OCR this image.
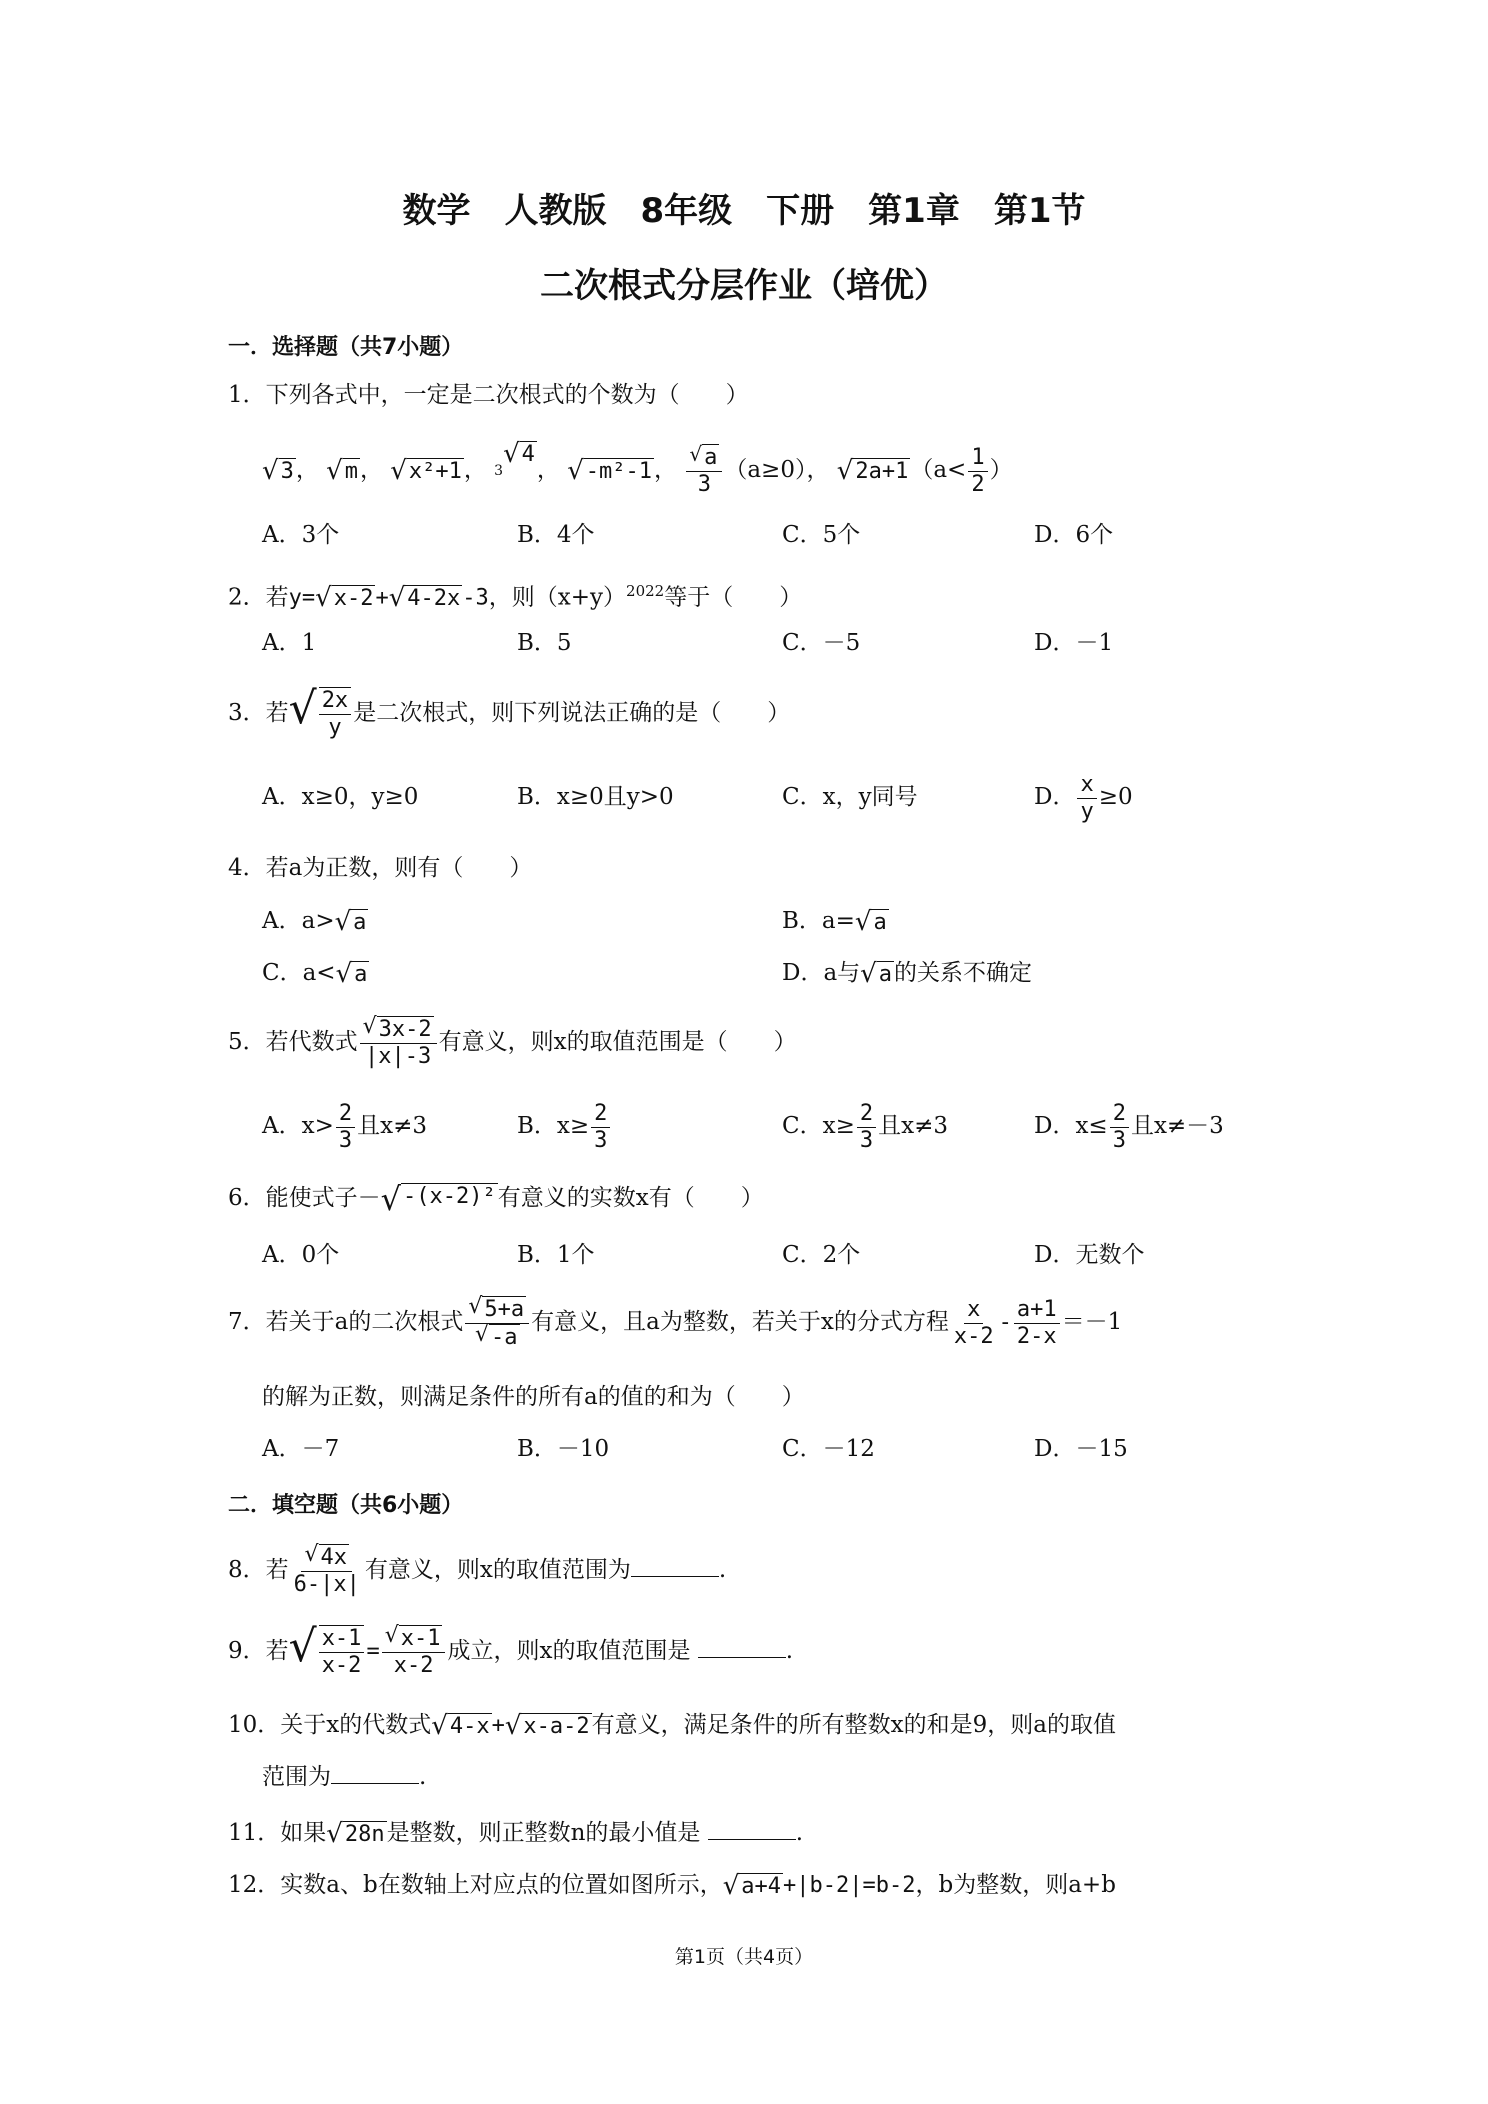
数学　人教版　8年级　下册　第1章　第1节
二次根式分层作业（培优）
一．选择题（共7小题）
1．下列各式中，一定是二次根式的个数为（　　）
√ 3 ， √ m ， √ x²+1 ， 3
√ 4
， √ -m²-1 ， $\frac{√ a}{3} (a\ge 0)$， √ 2a+1 （$a< \frac{1}{2}$ ）
A．3个	B．4个	C．5个	D．6个
2．若y= √ x-2 + √ 4-2x -3，则$(x+y)^{2022}$等于（　　）
A．1	B．5	C．－5	D．－1
3．若 √ $\frac{2x}{y}$ 是二次根式，则下列说法正确的是（　　）
A．x≥0，y≥0	B．x≥0且y>0	C．x，y同号	D． $\frac{x}{y} \ge 0$
4．若a为正数，则有（　　）
A．a> √ a	B．a= √ a
C．a< √ a	D．a与 √ a 的关系不确定
5．若代数式 $\frac{√ 3x-2}{|x|-3}$ 有意义，则x的取值范围是（　　）
A．$x> \frac{2}{3}$ 且x≠3	B．$x\ge \frac{2}{3}$	C．$x\ge \frac{2}{3}$ 且x≠3	D．$x\le \frac{2}{3}$ 且x≠－3
6．能使式子－ √ -(x-2)² 有意义的实数x有（　　）
A．0个	B．1个	C．2个	D．无数个
7．若关于a的二次根式 $\frac{√ 5+a}{√ -a}$ 有意义，且a为整数，若关于x的分式方程 $\frac{x}{x-2} - \frac{a+1}{2-x} =-1$
的解为正数，则满足条件的所有a的值的和为（　　）
A．－7	B．－10	C．－12	D．－15
二．填空题（共6小题）
8．若 $\frac{√ 4x}{6-|x|}$ 有意义，则x的取值范围为	.
9．若 √ $\frac{x-1}{x-2} = \frac{√ x-1}{x-2}$ 成立，则x的取值范围是	.
10．关于x的代数式 √ 4-x + √ x-a-2 有意义，满足条件的所有整数x的和是9，则a的取值
范围为	.
11．如果 √ 28n 是整数，则正整数n的最小值是	.
12．实数a、b在数轴上对应点的位置如图所示， √ a+4 +|b-2|=b-2，b为整数，则a+b
第1页（共4页）
